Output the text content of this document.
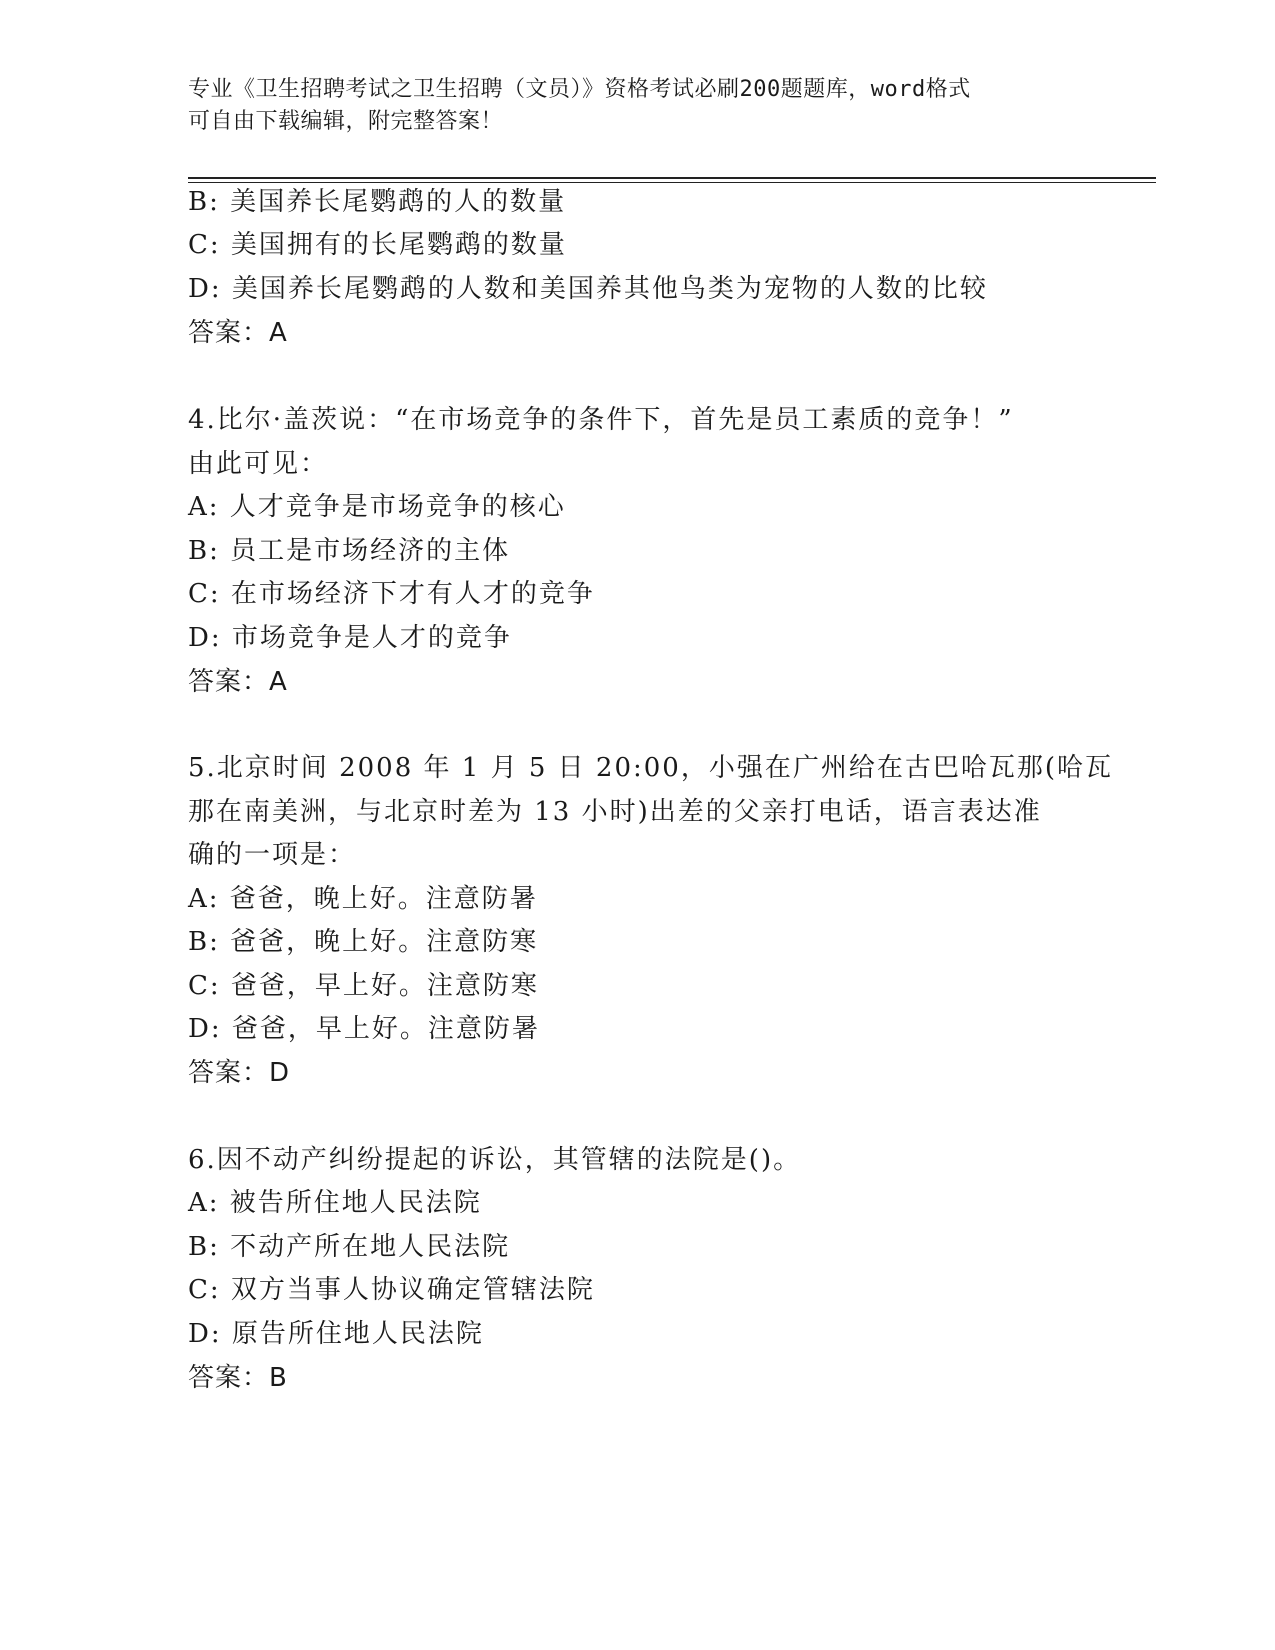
专业《卫生招聘考试之卫生招聘（文员）》资格考试必刷200题题库，word格式
可自由下载编辑，附完整答案！
B: 美国养长尾鹦鹉的人的数量
C: 美国拥有的长尾鹦鹉的数量
D: 美国养长尾鹦鹉的人数和美国养其他鸟类为宠物的人数的比较
答案：A
4.比尔·盖茨说：“在市场竞争的条件下，首先是员工素质的竞争！”
由此可见：
A: 人才竞争是市场竞争的核心
B: 员工是市场经济的主体
C: 在市场经济下才有人才的竞争
D: 市场竞争是人才的竞争
答案：A
5.北京时间 2008 年 1 月 5 日 20:00，小强在广州给在古巴哈瓦那(哈瓦
那在南美洲，与北京时差为 13 小时)出差的父亲打电话，语言表达准
确的一项是：
A: 爸爸，晚上好。注意防暑
B: 爸爸，晚上好。注意防寒
C: 爸爸，早上好。注意防寒
D: 爸爸，早上好。注意防暑
答案：D
6.因不动产纠纷提起的诉讼，其管辖的法院是()。
A: 被告所住地人民法院
B: 不动产所在地人民法院
C: 双方当事人协议确定管辖法院
D: 原告所住地人民法院
答案：B
